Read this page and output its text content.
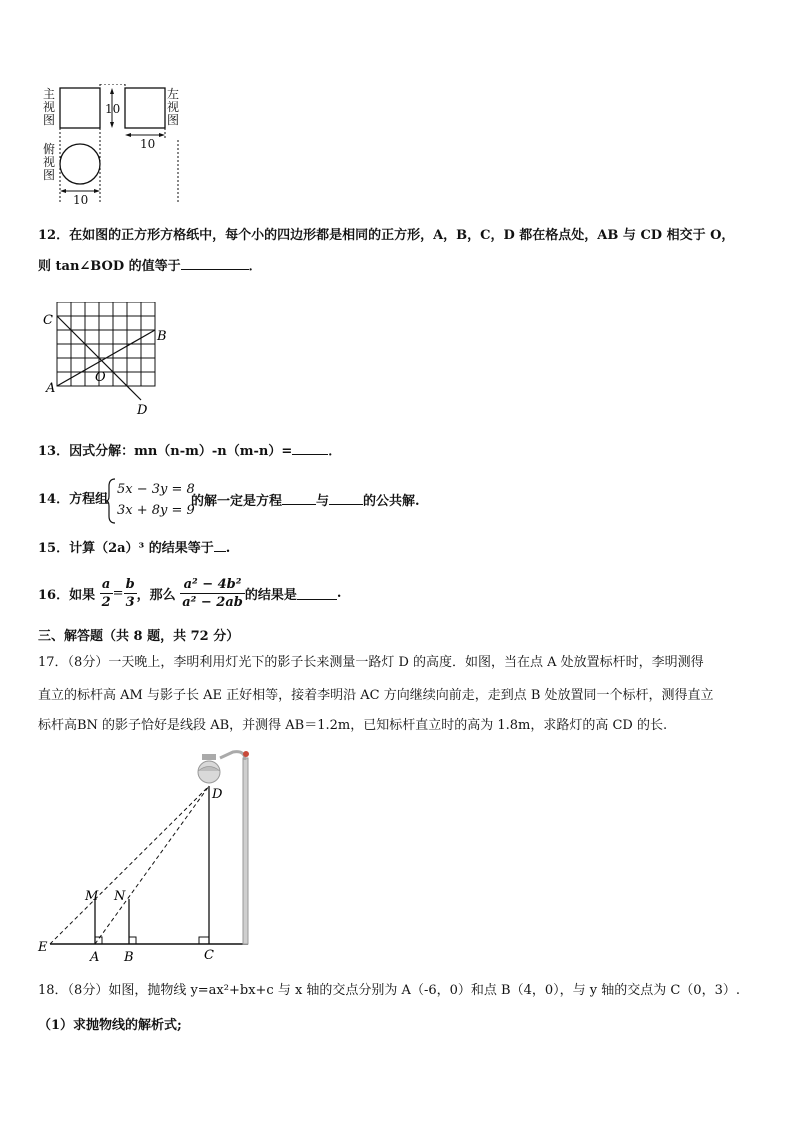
主视图
左视图
俯视图
10
10
10
12．在如图的正方形方格纸中，每个小的四边形都是相同的正方形，A，B，C，D 都在格点处，AB 与 CD 相交于 O，
则 tan∠BOD 的值等于	．
C
B
A
O
D
13．因式分解：mn（n-m）-n（m-n）=	．
14．方程组
5x − 3y = 8
3x + 8y = 9
的解一定是方程	与	的公共解.
15．计算（2a）³ 的结果等于 .
16．如果 $\frac{a}{2} = \frac{b}{3}$ ，那么 $\frac{\text{a² − 4b²}}{\text{a² − 2ab}}$ 的结果是	.
三、解答题（共 8 题，共 72 分）
17．（8分）一天晚上，李明利用灯光下的影子长来测量一路灯 D 的高度．如图，当在点 A 处放置标杆时，李明测得
直立的标杆高 AM 与影子长 AE 正好相等，接着李明沿 AC 方向继续向前走，走到点 B 处放置同一个标杆，测得直立
标杆高BN 的影子恰好是线段 AB，并测得 AB＝1.2m，已知标杆直立时的高为 1.8m，求路灯的高 CD 的长.
D
M N
E
A B	C
18．（8分）如图，抛物线 y=ax²+bx+c 与 x 轴的交点分别为 A（-6，0）和点 B（4，0），与 y 轴的交点为 C（0，3）.
（1）求抛物线的解析式;
